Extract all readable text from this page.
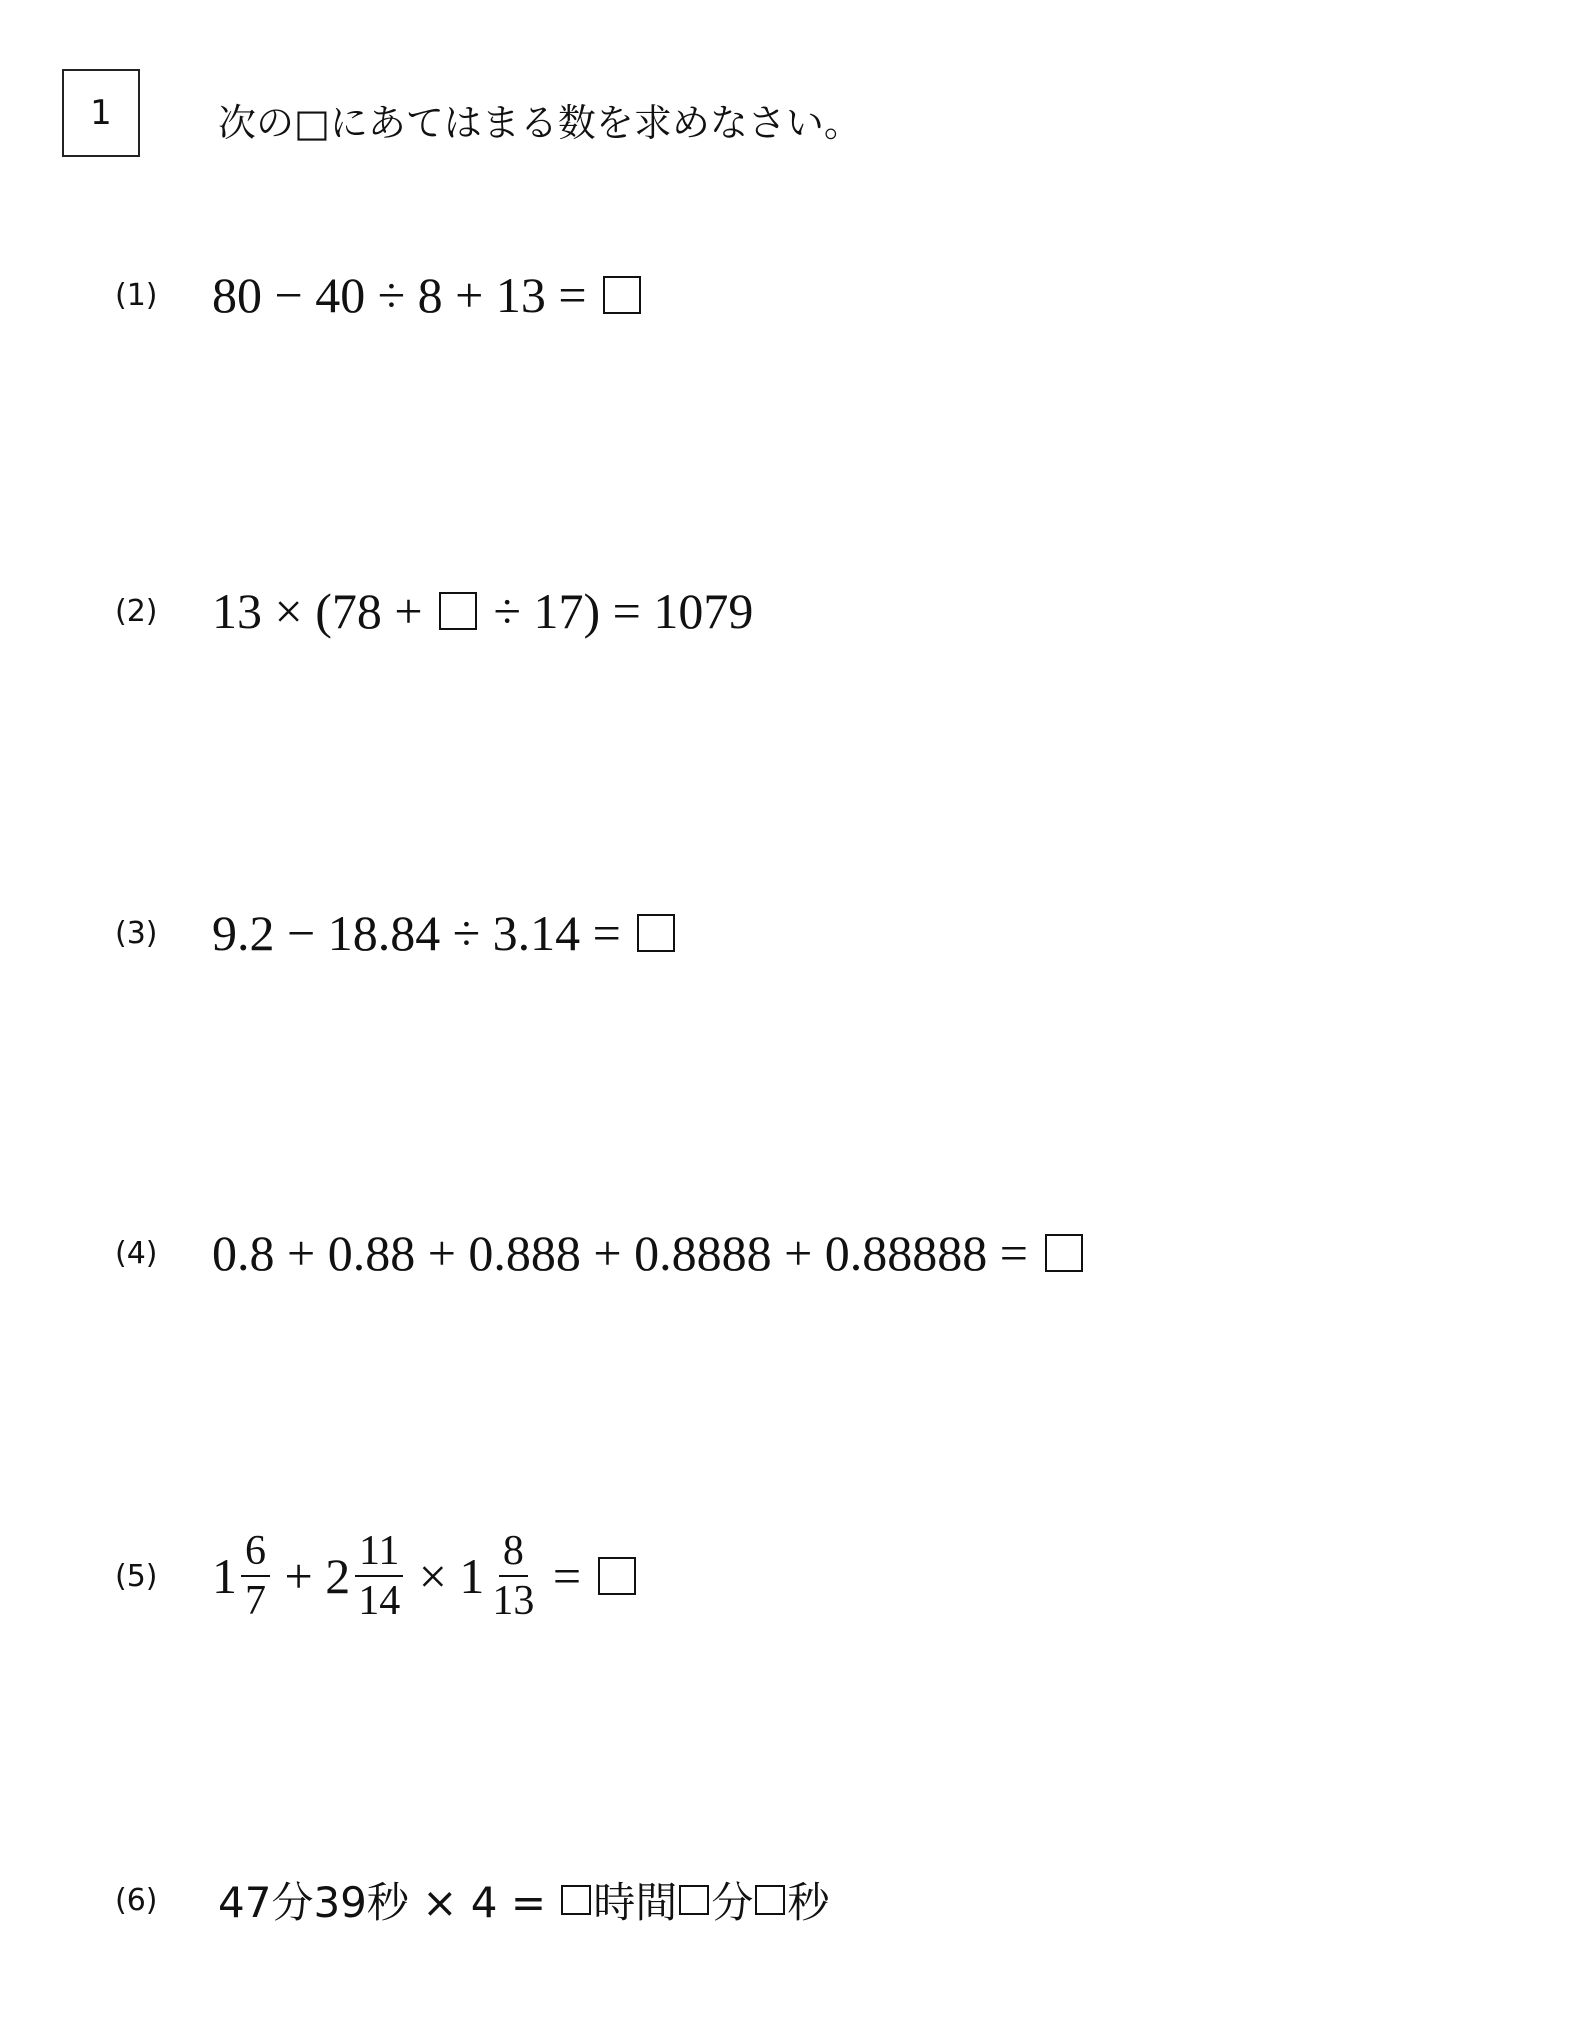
1	次の□にあてはまる数を求めなさい。
(1) 80 − 40 ÷ 8 + 13 =
(2) 13 × (78 + ÷ 17) = 1079
(3) 9.2 − 18.84 ÷ 3.14 =
(4) 0.8 + 0.88 + 0.888 + 0.8888 + 0.88888 =
(5) $1 \frac{6}{7} + 2 \frac{11}{14} \times 1 \frac{8}{13}$ =
(6) 47分39秒 × 4 = 時間 分 秒
